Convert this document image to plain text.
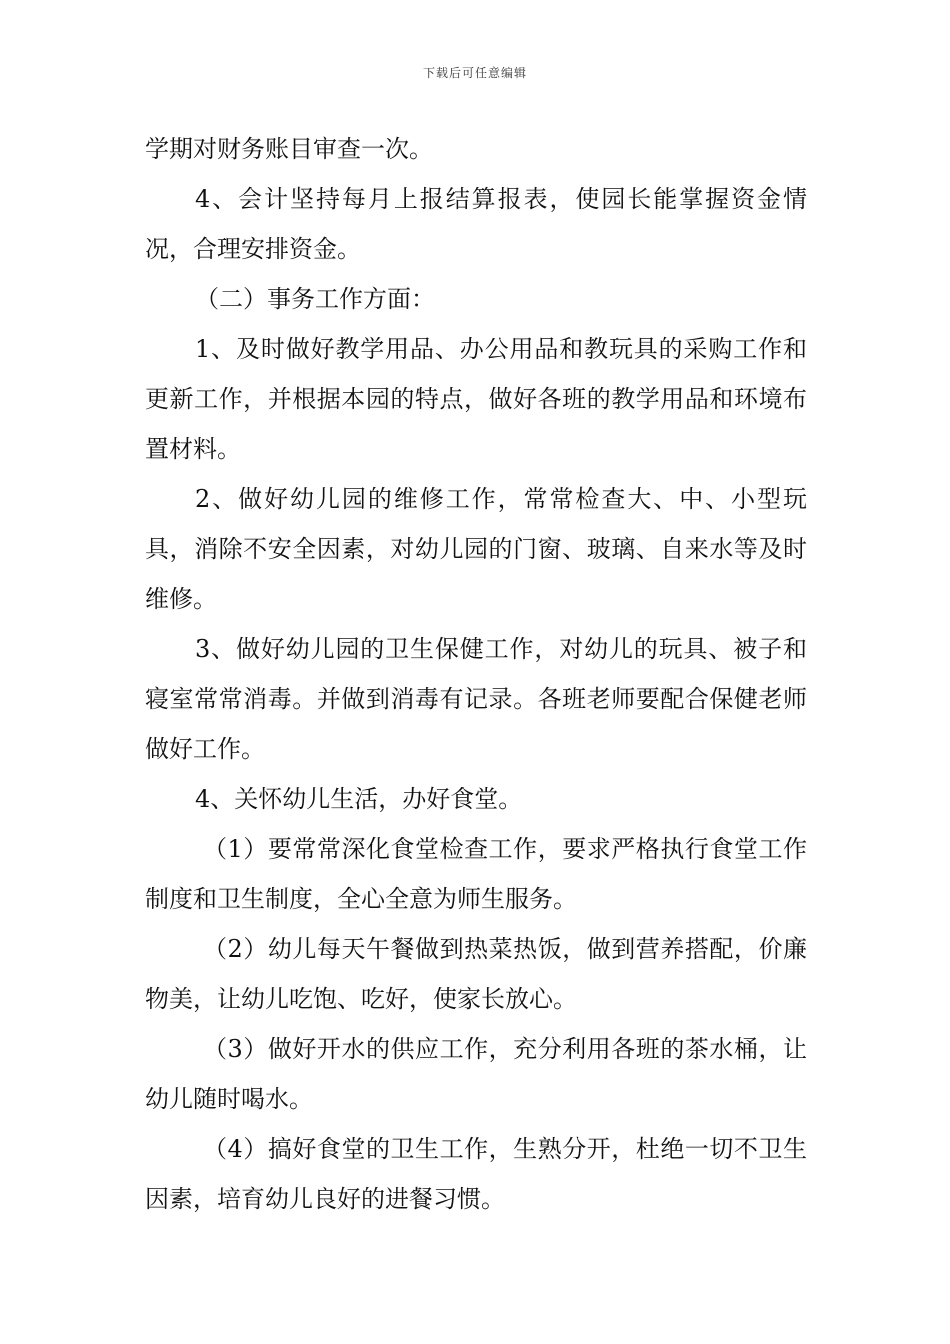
下载后可任意编辑

学期对财务账目审查一次。

4、会计坚持每月上报结算报表，使园长能掌握资金情况，合理安排资金。

（二）事务工作方面：

1、及时做好教学用品、办公用品和教玩具的采购工作和更新工作，并根据本园的特点，做好各班的教学用品和环境布置材料。

2、做好幼儿园的维修工作，常常检查大、中、小型玩具，消除不安全因素，对幼儿园的门窗、玻璃、自来水等及时维修。

3、做好幼儿园的卫生保健工作，对幼儿的玩具、被子和寝室常常消毒。并做到消毒有记录。各班老师要配合保健老师做好工作。

4、关怀幼儿生活，办好食堂。

（1）要常常深化食堂检查工作，要求严格执行食堂工作制度和卫生制度，全心全意为师生服务。

（2）幼儿每天午餐做到热菜热饭，做到营养搭配，价廉物美，让幼儿吃饱、吃好，使家长放心。

（3）做好开水的供应工作，充分利用各班的茶水桶，让幼儿随时喝水。

（4）搞好食堂的卫生工作，生熟分开，杜绝一切不卫生因素，培育幼儿良好的进餐习惯。
